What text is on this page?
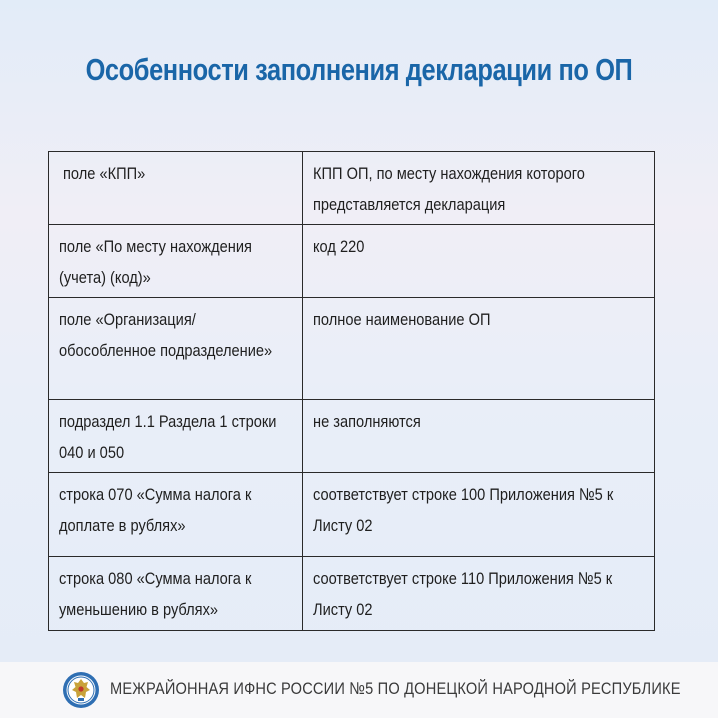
Особенности заполнения декларации по ОП
поле «КПП»	КПП ОП, по месту нахождения которого представляется декларация

поле «По месту нахождения (учета) (код)»	код 220

поле «Организация/ обособленное подразделение»	полное наименование ОП

подраздел 1.1 Раздела 1 строки 040 и 050	не заполняются

строка 070 «Сумма налога к доплате в рублях»	соответствует строке 100 Приложения №5 к Листу 02

строка 080 «Сумма налога к уменьшению в рублях»	соответствует строке 110 Приложения №5 к Листу 02
МЕЖРАЙОННАЯ ИФНС РОССИИ №5 ПО ДОНЕЦКОЙ НАРОДНОЙ РЕСПУБЛИКЕ
